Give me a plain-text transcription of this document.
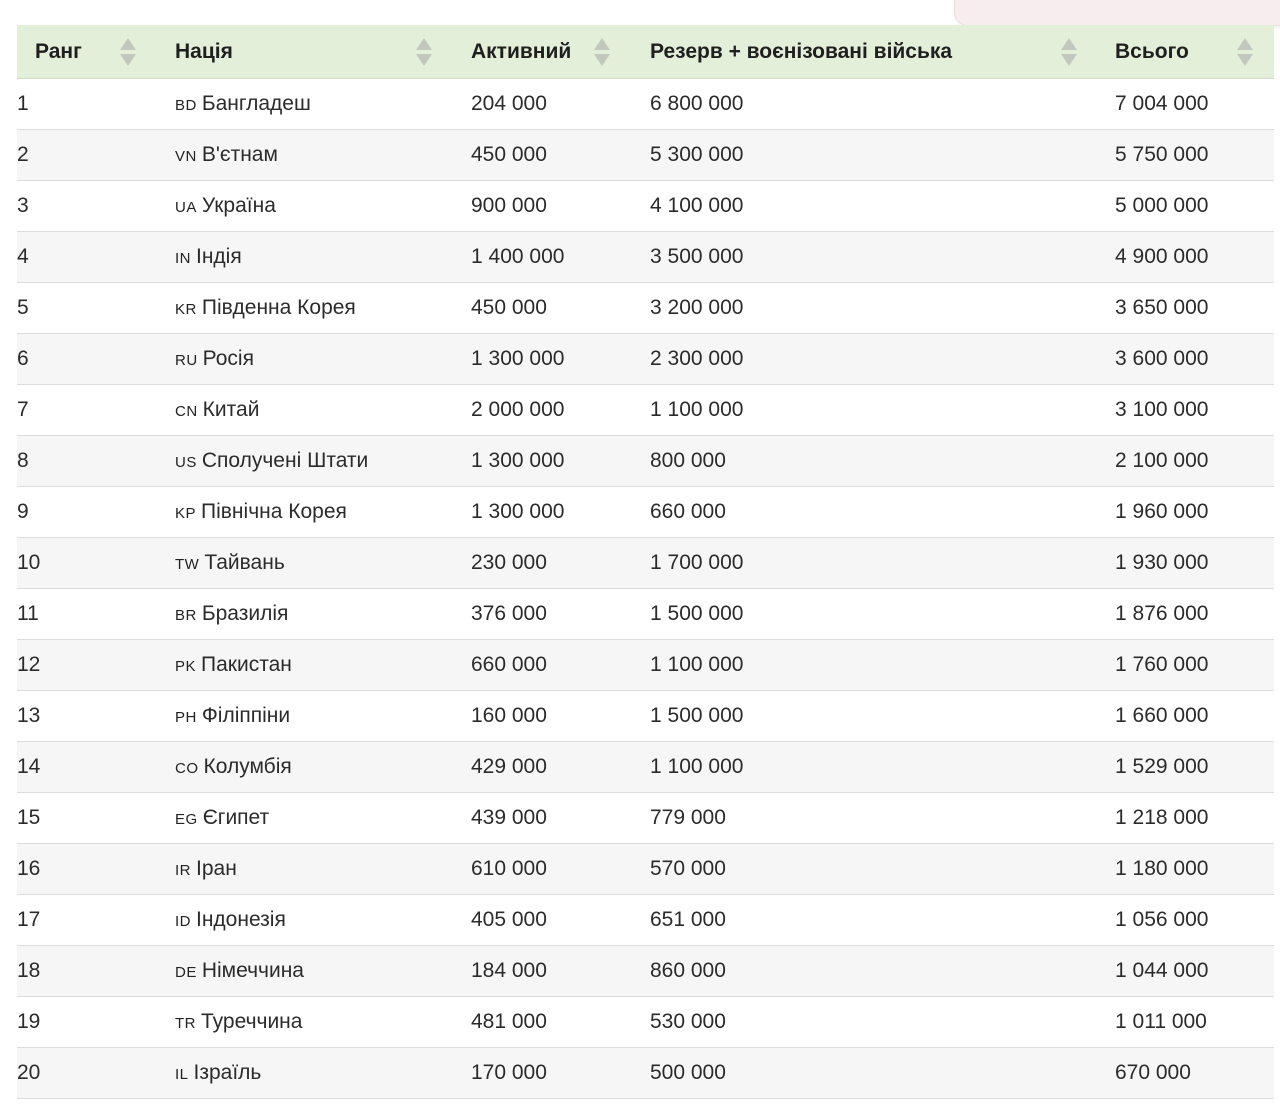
Ранг	Нація	Активний	Резерв + воєнізовані війська	Всього

1	BD Бангладеш	204 000	6 800 000	7 004 000
2	VN В'єтнам	450 000	5 300 000	5 750 000
3	UA Україна	900 000	4 100 000	5 000 000
4	IN Індія	1 400 000	3 500 000	4 900 000
5	KR Південна Корея	450 000	3 200 000	3 650 000
6	RU Росія	1 300 000	2 300 000	3 600 000
7	CN Китай	2 000 000	1 100 000	3 100 000
8	US Сполучені Штати	1 300 000	800 000	2 100 000
9	KP Північна Корея	1 300 000	660 000	1 960 000
10	TW Тайвань	230 000	1 700 000	1 930 000
11	BR Бразилія	376 000	1 500 000	1 876 000
12	PK Пакистан	660 000	1 100 000	1 760 000
13	PH Філіппіни	160 000	1 500 000	1 660 000
14	CO Колумбія	429 000	1 100 000	1 529 000
15	EG Єгипет	439 000	779 000	1 218 000
16	IR Іран	610 000	570 000	1 180 000
17	ID Індонезія	405 000	651 000	1 056 000
18	DE Німеччина	184 000	860 000	1 044 000
19	TR Туреччина	481 000	530 000	1 011 000
20	IL Ізраїль	170 000	500 000	670 000
